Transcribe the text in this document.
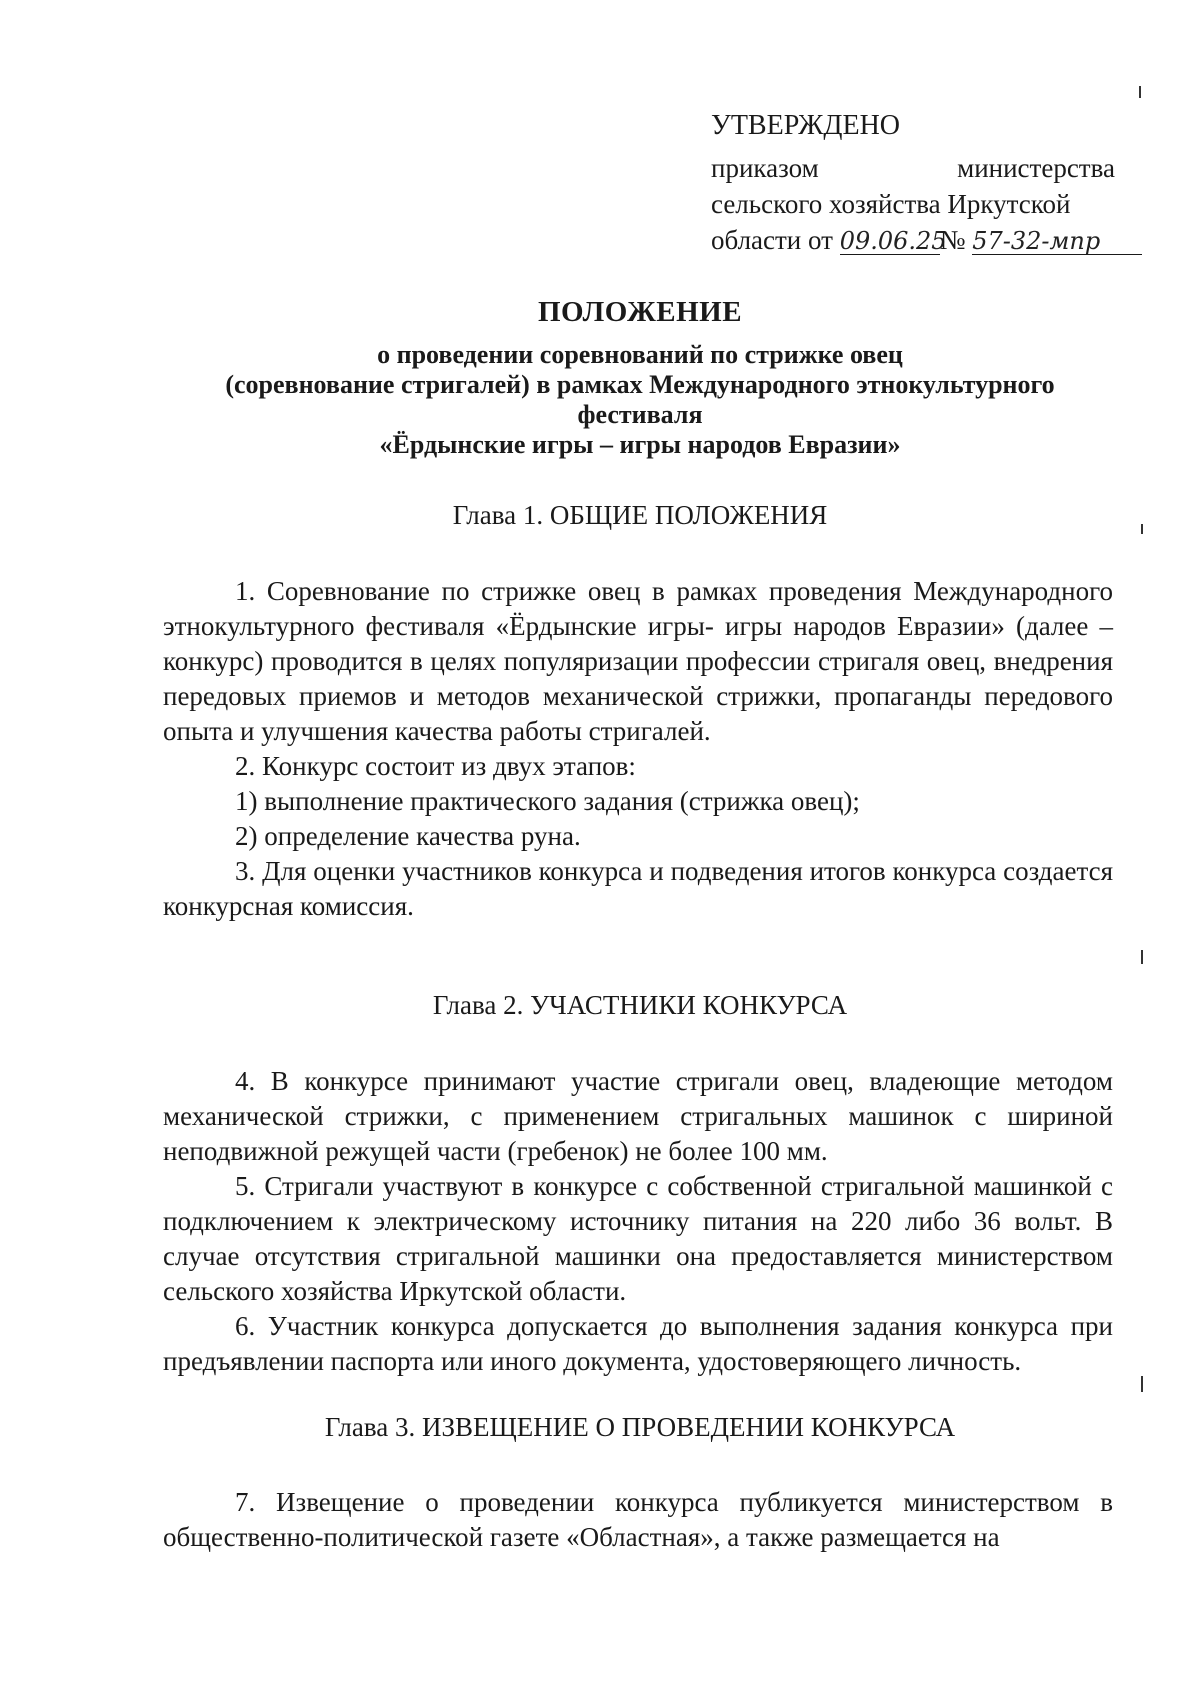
УТВЕРЖДЕНО
приказом	министерства
сельского хозяйства Иркутской
области от 09.06.25№ 57-32-мпр
ПОЛОЖЕНИЕ
о проведении соревнований по стрижке овец
(соревнование стригалей) в рамках Международного этнокультурного
фестиваля
«Ёрдынские игры – игры народов Евразии»
Глава 1. ОБЩИЕ ПОЛОЖЕНИЯ

1. Соревнование по стрижке овец в рамках проведения Международного этнокультурного фестиваля «Ёрдынские игры- игры народов Евразии» (далее – конкурс) проводится в целях популяризации профессии стригаля овец, внедрения передовых приемов и методов механической стрижки, пропаганды передового опыта и улучшения качества работы стригалей.

2. Конкурс состоит из двух этапов:

1) выполнение практического задания (стрижка овец);

2) определение качества руна.

3. Для оценки участников конкурса и подведения итогов конкурса создается конкурсная комиссия.

Глава 2. УЧАСТНИКИ КОНКУРСА

4. В конкурсе принимают участие стригали овец, владеющие методом механической стрижки, с применением стригальных машинок с шириной неподвижной режущей части (гребенок) не более 100 мм.

5. Стригали участвуют в конкурсе с собственной стригальной машинкой с подключением к электрическому источнику питания на 220 либо 36 вольт. В случае отсутствия стригальной машинки она предоставляется министерством сельского хозяйства Иркутской области.

6. Участник конкурса допускается до выполнения задания конкурса при предъявлении паспорта или иного документа, удостоверяющего личность.

Глава 3. ИЗВЕЩЕНИЕ О ПРОВЕДЕНИИ КОНКУРСА

7. Извещение о проведении конкурса публикуется министерством в общественно-политической газете «Областная», а также размещается на
